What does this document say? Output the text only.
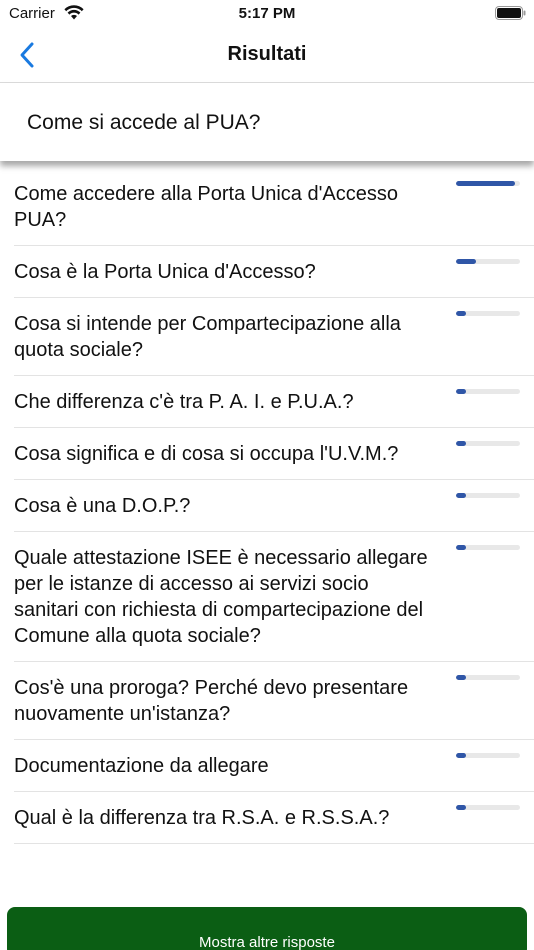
Carrier	5:17 PM
Risultati
Come si accede al PUA?
Come accedere alla Porta Unica d'Accesso PUA?
Cosa è la Porta Unica d'Accesso?
Cosa si intende per Compartecipazione alla quota sociale?
Che differenza c'è tra P. A. I. e P.U.A.?
Cosa significa e di cosa si occupa l'U.V.M.?
Cosa è una D.O.P.?
Quale attestazione ISEE è necessario allegare per le istanze di accesso ai servizi socio sanitari con richiesta di compartecipazione del Comune alla quota sociale?
Cos'è una proroga? Perché devo presentare nuovamente un'istanza?
Documentazione da allegare
Qual è la differenza tra R.S.A. e R.S.S.A.?
Mostra altre risposte
